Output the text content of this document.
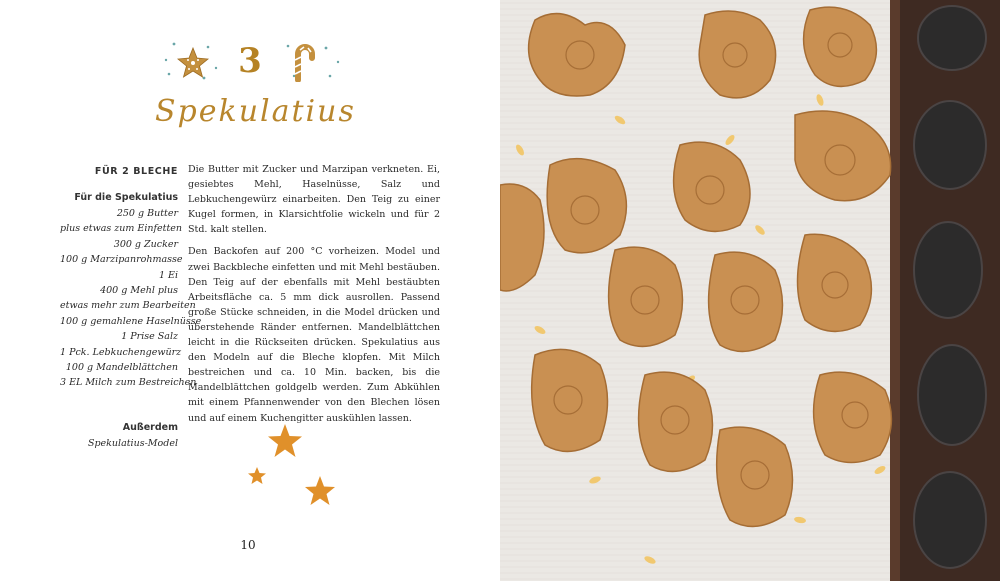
3
Spekulatius
FÜR 2 BLECHE
Für die Spekulatius
250 g Butter
plus etwas zum Einfetten
300 g Zucker
100 g Marzipanrohmasse
1 Ei
400 g Mehl plus
etwas mehr zum Bearbeiten
100 g gemahlene Haselnüsse
1 Prise Salz
1 Pck. Lebkuchengewürz
100 g Mandelblättchen
3 EL Milch zum Bestreichen
Außerdem
Spekulatius-Model

Die Butter mit Zucker und Marzipan verkneten. Ei, gesiebtes Mehl, Haselnüsse, Salz und Lebkuchengewürz einarbeiten. Den Teig zu einer Kugel formen, in Klarsichtfolie wickeln und für 2 Std. kalt stellen.

Den Backofen auf 200 °C vorheizen. Model und zwei Backbleche einfetten und mit Mehl bestäuben. Den Teig auf der ebenfalls mit Mehl bestäubten Arbeitsfläche ca. 5 mm dick ausrollen. Passend große Stücke schneiden, in die Model drücken und überstehende Ränder entfernen. Mandelblättchen leicht in die Rückseiten drücken. Spekulatius aus den Modeln auf die Bleche klopfen. Mit Milch bestreichen und ca. 10 Min. backen, bis die Mandelblättchen goldgelb werden. Zum Abkühlen mit einem Pfannenwender von den Blechen lösen und auf einem Kuchengitter auskühlen lassen.

10
